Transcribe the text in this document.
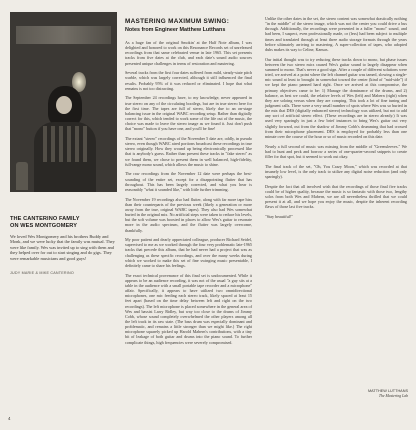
THE CANTERINO FAMILY
ON WES MONTGOMERY
We loved Wes Montgomery and his brothers Buddy and Monk, and we were lucky that the family was mutual. They were like family. Wes was invited up to sing with them and they helped over for out to start singing and do gigs. They were remarkable musicians and good guys!
JUDY MARIE & MIKE CANTERINO
MASTERING MAXIMUM SWING:
Notes from Engineer Matthew Lutthans

As a huge fan of the original Smokin' at the Half Note album, I was delighted and honored to work on this Resonance Records set of unreleased recordings from that same celebrated venue in late 1965. This set presents tracks from five dates at the club, and each date's sound audio sources presented unique challenges in terms of restoration and mastering.

Several tracks from the first four dates suffered from mild, steady-state pitch warble, which was largely corrected, although it still influenced the final results. Probably 95% of it was reduced or eliminated. I hope that what remains is not too distracting.

The September 24 recordings have, to my knowledge, never appeared in true stereo on any of the circulating bootlegs, but are in true stereo here for the first time. The tapes are full of stereo, likely due to an on-stage balancing issue in the original WABC recording setup. Rather than digitally correct for this, which tended to work some of the life out of the music, the choice was made to leave the stereo image as we found it. Just don't push that "mono" button if you have one, and you'll be fine!

The extant "stereo" recordings of the November 5 date are, oddly, in pseudo stereo, even though WABC aired portions broadcast these recordings in true stereo originally. How they wound up being electronically processed like that is anybody's guess. Rather than present these tracks in "fake stereo" as we found them, we chose to present them in well balanced, high-fidelity, full-range mono sound, which allows the music to shine.

The raw recordings from the November 12 date were perhaps the best-sounding of the entire set, except for a disappointing flutter that has throughout. This has been largely corrected, and what you hear is reasonably "what it sounded like," with little further trimming.

The November 19 recordings also had flutter, along with far more tape hiss than their counterparts of the previous week (likely a generation or more away from the true, original WABC tapes). They also had Wes somewhat buried in the original mix. No artificial steps were taken to reduce his levels, but the soft volume was boosted in places to allow Wes's guitar to resonate more in the audio spectrum, and the flutter was largely overcome, thankfully.

My poor patient and dearly appreciated colleague, producer Richard Seidel, supervised to me as we worked through the four very problematic late-1965 tracks that precede this album, that he had never had a project that was as challenging as these specific recordings, and over the many weeks during which we worked to make this set of fine swinging music presentable, I definitely came to share his feelings.

The exact technical provenance of this final set is undocumented. While it appears to be an audience recording, it was not of the usual "a guy sits at a table in the audience with a small portable tape recorder and a microphone" affair. Specifically, it appears to have utilized two omnidirectional microphones, one mic feeding each stereo track, likely spaced at least 15 feet apart (based on the time delay between left and right on the two recordings). The left microphone is placed somewhere in the general area of Wes and bassist Larry Ridley, but way too close to the drums of Jimmy Cobb, whose sound completely overwhelmed the other players among all the left track in its raw state. (The bass drum was especially dominant and problematic, and remains a little stronger than we might like.) The right microphone squarely picked up Harold Mabern's contributions, with a tiny bit of leakage of both guitar and drums into the piano sound. To further complicate things, high frequencies were severely compromised.

Unlike the other dates in the set, the stereo content was somewhat drastically nothing "in the middle" of the stereo image, which was not the center you could drive a bus through. Additionally, the recordings were presented in a fuller "mono" sound, and had been, I suspect, even professionally made, or (less) had been subject to multiple times and translated through at least three audio storage formats through the years before ultimately arriving to mastering. A super-collection of tapes, who adopted dubs makes its way to Celine, Kansas.

Our initial thought was to try reducing these tracks down to mono, but phase issues between the two stereo mics caused Wes's guitar sound to largely disappear when summed to mono. That's never a good sign. After a couple of different solutions were tried, we arrived at a point where the left channel guitar was tamed, slowing a single-mic sound at least to brought in somewhat toward the center (kind of "mid-side") if we kept the piano panned hard right. Once we arrived at this compromise, the primary objectives came to be: 1) Manage the dominance of the drums, and 2) balance, as best we could, the relative levels of Wes (left) and Mabern (right) when they are soloing versus when they are comping. This took a lot of fine tuning and judgment calls. There were a very small number of spots where Wes was so buried in the mix that DES (digitally enhanced stereo) technology was utilized, but not to add any sort of artificial stereo effect. (These recordings are in stereo already.) It was used very sparingly in just a few brief instances to bring Wes's guitar out very slightly forward, out from the shadow of Jimmy Cobb's drumming that had crossed from their microphone placement. DES is employed for probably less than one minute over the course of the hour or so of music recorded on this date.

Nearly a full second of music was missing from the middle of "Greensleeves." We had to hunt and peck and borrow a series of one-quarter-second snippets to create filler for that spot, but it seemed to work out okay.

The final track of the set, "Oh, You Crazy Moon," which was recorded at that insanely low level, is the only track to utilize any digital noise reduction (and only sparingly).

Despite the fact that all involved wish that the recordings of those final five tracks could be of higher quality, because the music is so fantastic with those two, lengthy solos from both Wes and Mabern, we are all nevertheless thrilled that we could present it at all, and we hope you enjoy the music, despite the inherent recording flaws of those last five tracks.

"Stay beautiful!"

MATTHEW LUTTHANS
The Mastering Lab
4
